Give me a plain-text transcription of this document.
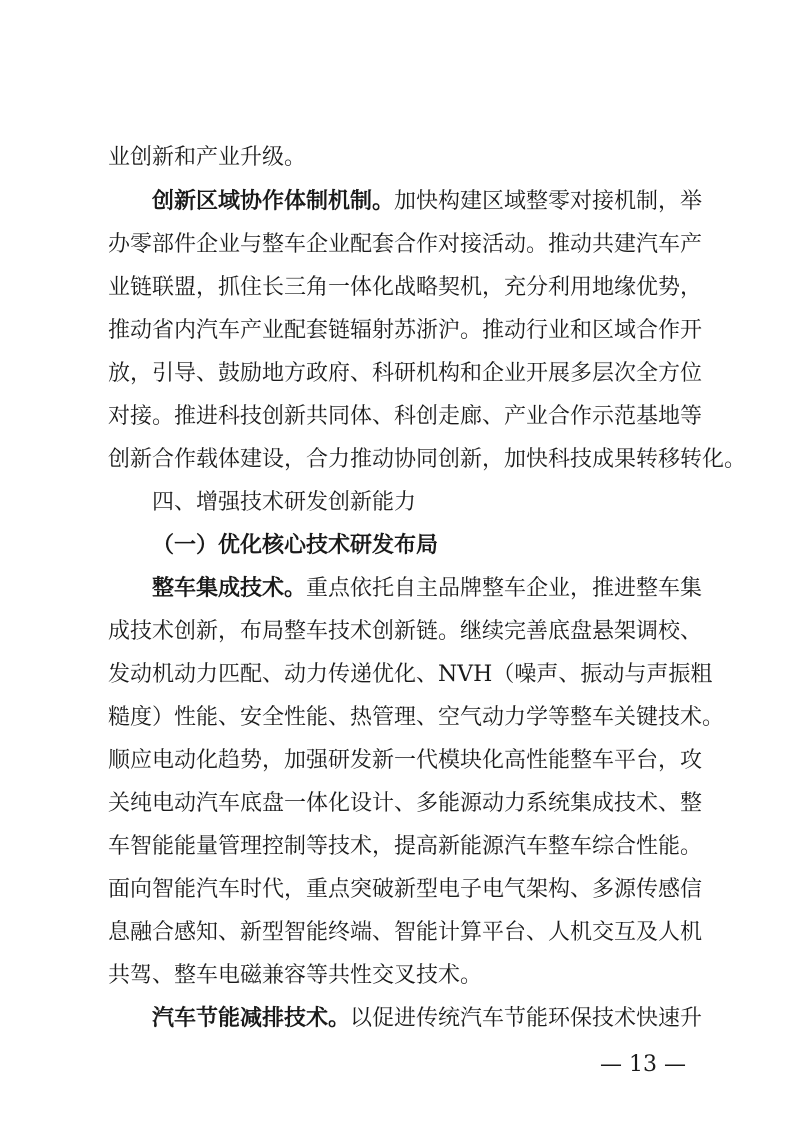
业创新和产业升级。
创新区域协作体制机制。加快构建区域整零对接机制，举
办零部件企业与整车企业配套合作对接活动。推动共建汽车产
业链联盟，抓住长三角一体化战略契机，充分利用地缘优势，
推动省内汽车产业配套链辐射苏浙沪。推动行业和区域合作开
放，引导、鼓励地方政府、科研机构和企业开展多层次全方位
对接。推进科技创新共同体、科创走廊、产业合作示范基地等
创新合作载体建设，合力推动协同创新，加快科技成果转移转化。
四、增强技术研发创新能力
（一）优化核心技术研发布局
整车集成技术。重点依托自主品牌整车企业，推进整车集
成技术创新，布局整车技术创新链。继续完善底盘悬架调校、
发动机动力匹配、动力传递优化、NVH（噪声、振动与声振粗
糙度）性能、安全性能、热管理、空气动力学等整车关键技术。
顺应电动化趋势，加强研发新一代模块化高性能整车平台，攻
关纯电动汽车底盘一体化设计、多能源动力系统集成技术、整
车智能能量管理控制等技术，提高新能源汽车整车综合性能。
面向智能汽车时代，重点突破新型电子电气架构、多源传感信
息融合感知、新型智能终端、智能计算平台、人机交互及人机
共驾、整车电磁兼容等共性交叉技术。
汽车节能减排技术。以促进传统汽车节能环保技术快速升
— 13 —
